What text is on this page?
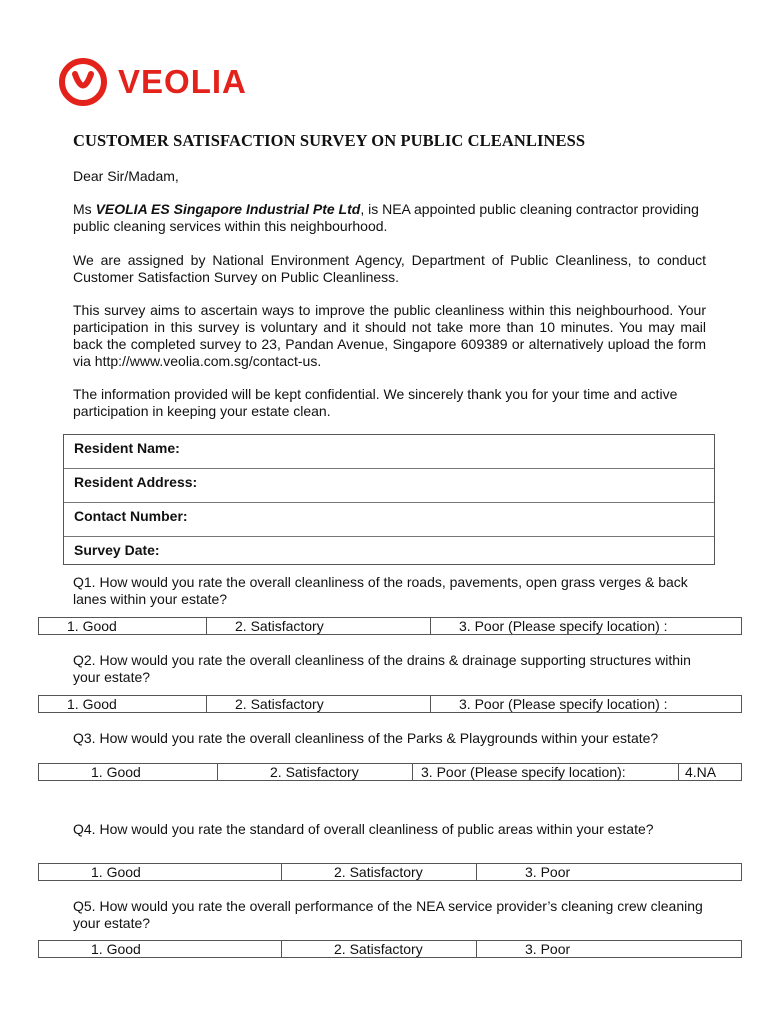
VEOLIA
CUSTOMER SATISFACTION SURVEY ON PUBLIC CLEANLINESS

Dear Sir/Madam,

Ms VEOLIA ES Singapore Industrial Pte Ltd, is NEA appointed public cleaning contractor providing public cleaning services within this neighbourhood.

We are assigned by National Environment Agency, Department of Public Cleanliness, to conduct Customer Satisfaction Survey on Public Cleanliness.

This survey aims to ascertain ways to improve the public cleanliness within this neighbourhood. Your participation in this survey is voluntary and it should not take more than 10 minutes. You may mail back the completed survey to 23, Pandan Avenue, Singapore 609389 or alternatively upload the form via http://www.veolia.com.sg/contact-us.

The information provided will be kept confidential. We sincerely thank you for your time and active participation in keeping your estate clean.

Resident Name:
Resident Address:
Contact Number:
Survey Date:

Q1. How would you rate the overall cleanliness of the roads, pavements, open grass verges & back lanes within your estate?

1. Good	2. Satisfactory	3. Poor (Please specify location) :

Q2. How would you rate the overall cleanliness of the drains & drainage supporting structures within your estate?

1. Good	2. Satisfactory	3. Poor (Please specify location) :

Q3. How would you rate the overall cleanliness of the Parks & Playgrounds within your estate?

1. Good	2. Satisfactory	3. Poor (Please specify location):	4.NA

Q4. How would you rate the standard of overall cleanliness of public areas within your estate?

1. Good	2. Satisfactory	3. Poor

Q5. How would you rate the overall performance of the NEA service provider’s cleaning crew cleaning your estate?

1. Good	2. Satisfactory	3. Poor
